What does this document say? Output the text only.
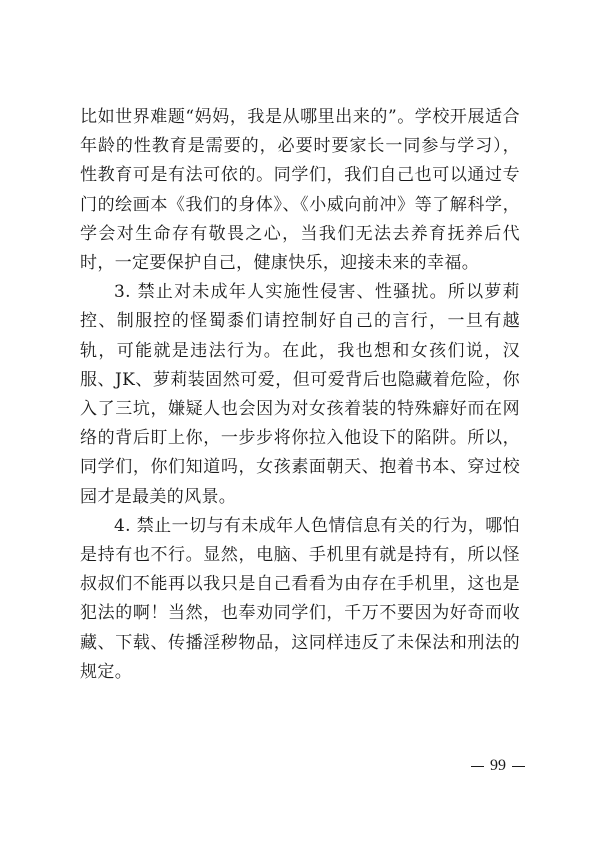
比如世界难题“妈妈，我是从哪里出来的”。学校开展适合年龄的性教育是需要的，必要时要家长一同参与学习），性教育可是有法可依的。同学们，我们自己也可以通过专门的绘画本《我们的身体》、《小威向前冲》等了解科学，学会对生命存有敬畏之心，当我们无法去养育抚养后代时，一定要保护自己，健康快乐，迎接未来的幸福。

3. 禁止对未成年人实施性侵害、性骚扰。所以萝莉控、制服控的怪蜀黍们请控制好自己的言行，一旦有越轨，可能就是违法行为。在此，我也想和女孩们说，汉服、JK、萝莉装固然可爱，但可爱背后也隐藏着危险，你入了三坑，嫌疑人也会因为对女孩着装的特殊癖好而在网络的背后盯上你，一步步将你拉入他设下的陷阱。所以，同学们，你们知道吗，女孩素面朝天、抱着书本、穿过校园才是最美的风景。

4. 禁止一切与有未成年人色情信息有关的行为，哪怕是持有也不行。显然，电脑、手机里有就是持有，所以怪叔叔们不能再以我只是自己看看为由存在手机里，这也是犯法的啊！当然，也奉劝同学们，千万不要因为好奇而收藏、下载、传播淫秽物品，这同样违反了未保法和刑法的规定。

99
